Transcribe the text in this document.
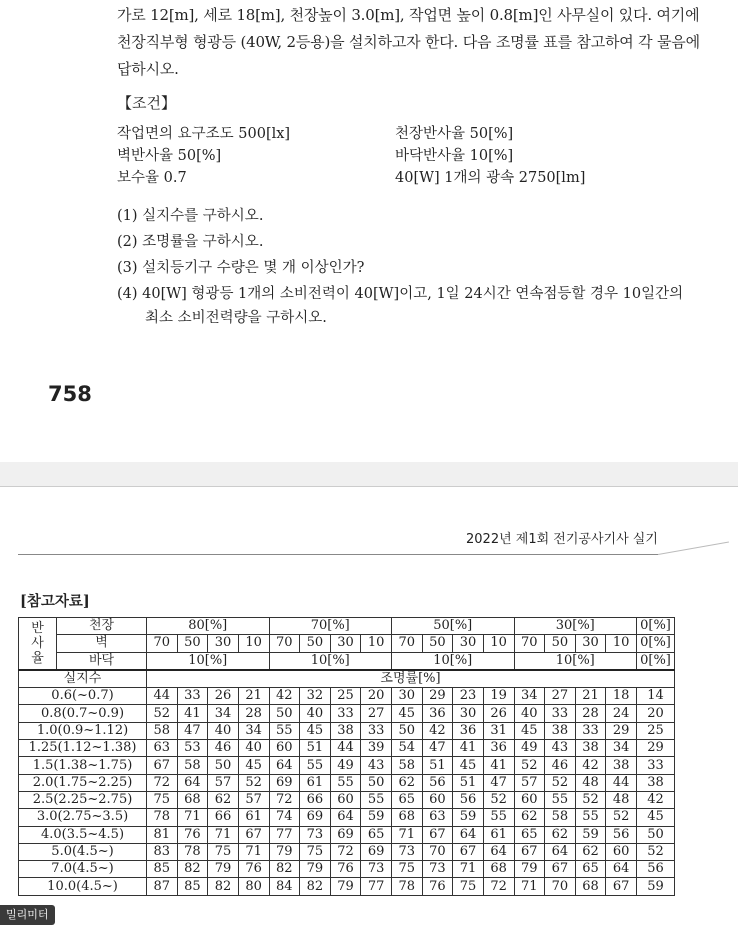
가로 12[m], 세로 18[m], 천장높이 3.0[m], 작업면 높이 0.8[m]인 사무실이 있다. 여기에 천장직부형 형광등 (40W, 2등용)을 설치하고자 한다. 다음 조명률 표를 참고하여 각 물음에 답하시오.
【조건】
작업면의 요구조도 500[lx]	천장반사율 50[%]
벽반사율 50[%]	바닥반사율 10[%]
보수율 0.7	40[W] 1개의 광속 2750[lm]
(1) 실지수를 구하시오.
(2) 조명률을 구하시오.
(3) 설치등기구 수량은 몇 개 이상인가?
(4) 40[W] 형광등 1개의 소비전력이 40[W]이고, 1일 24시간 연속점등할 경우 10일간의
최소 소비전력량을 구하시오.
758
2022년 제1회 전기공사기사 실기
[참고자료]
반
사
율	천장	80[%]				70[%]				50[%]				30[%]				0[%]
	벽	70	50	30	10	70	50	30	10	70	50	30	10	70	50	30	10	0[%]
	바닥	10[%]				10[%]				10[%]				10[%]				0[%]
실지수		조명률[%]																
0.6(~0.7)		44	33	26	21	42	32	25	20	30	29	23	19	34	27	21	18	14
0.8(0.7~0.9)		52	41	34	28	50	40	33	27	45	36	30	26	40	33	28	24	20
1.0(0.9~1.12)		58	47	40	34	55	45	38	33	50	42	36	31	45	38	33	29	25
1.25(1.12~1.38)		63	53	46	40	60	51	44	39	54	47	41	36	49	43	38	34	29
1.5(1.38~1.75)		67	58	50	45	64	55	49	43	58	51	45	41	52	46	42	38	33
2.0(1.75~2.25)		72	64	57	52	69	61	55	50	62	56	51	47	57	52	48	44	38
2.5(2.25~2.75)		75	68	62	57	72	66	60	55	65	60	56	52	60	55	52	48	42
3.0(2.75~3.5)		78	71	66	61	74	69	64	59	68	63	59	55	62	58	55	52	45
4.0(3.5~4.5)		81	76	71	67	77	73	69	65	71	67	64	61	65	62	59	56	50
5.0(4.5~)		83	78	75	71	79	75	72	69	73	70	67	64	67	64	62	60	52
7.0(4.5~)		85	82	79	76	82	79	76	73	75	73	71	68	79	67	65	64	56
10.0(4.5~)		87	85	82	80	84	82	79	77	78	76	75	72	71	70	68	67	59
밀리미터
